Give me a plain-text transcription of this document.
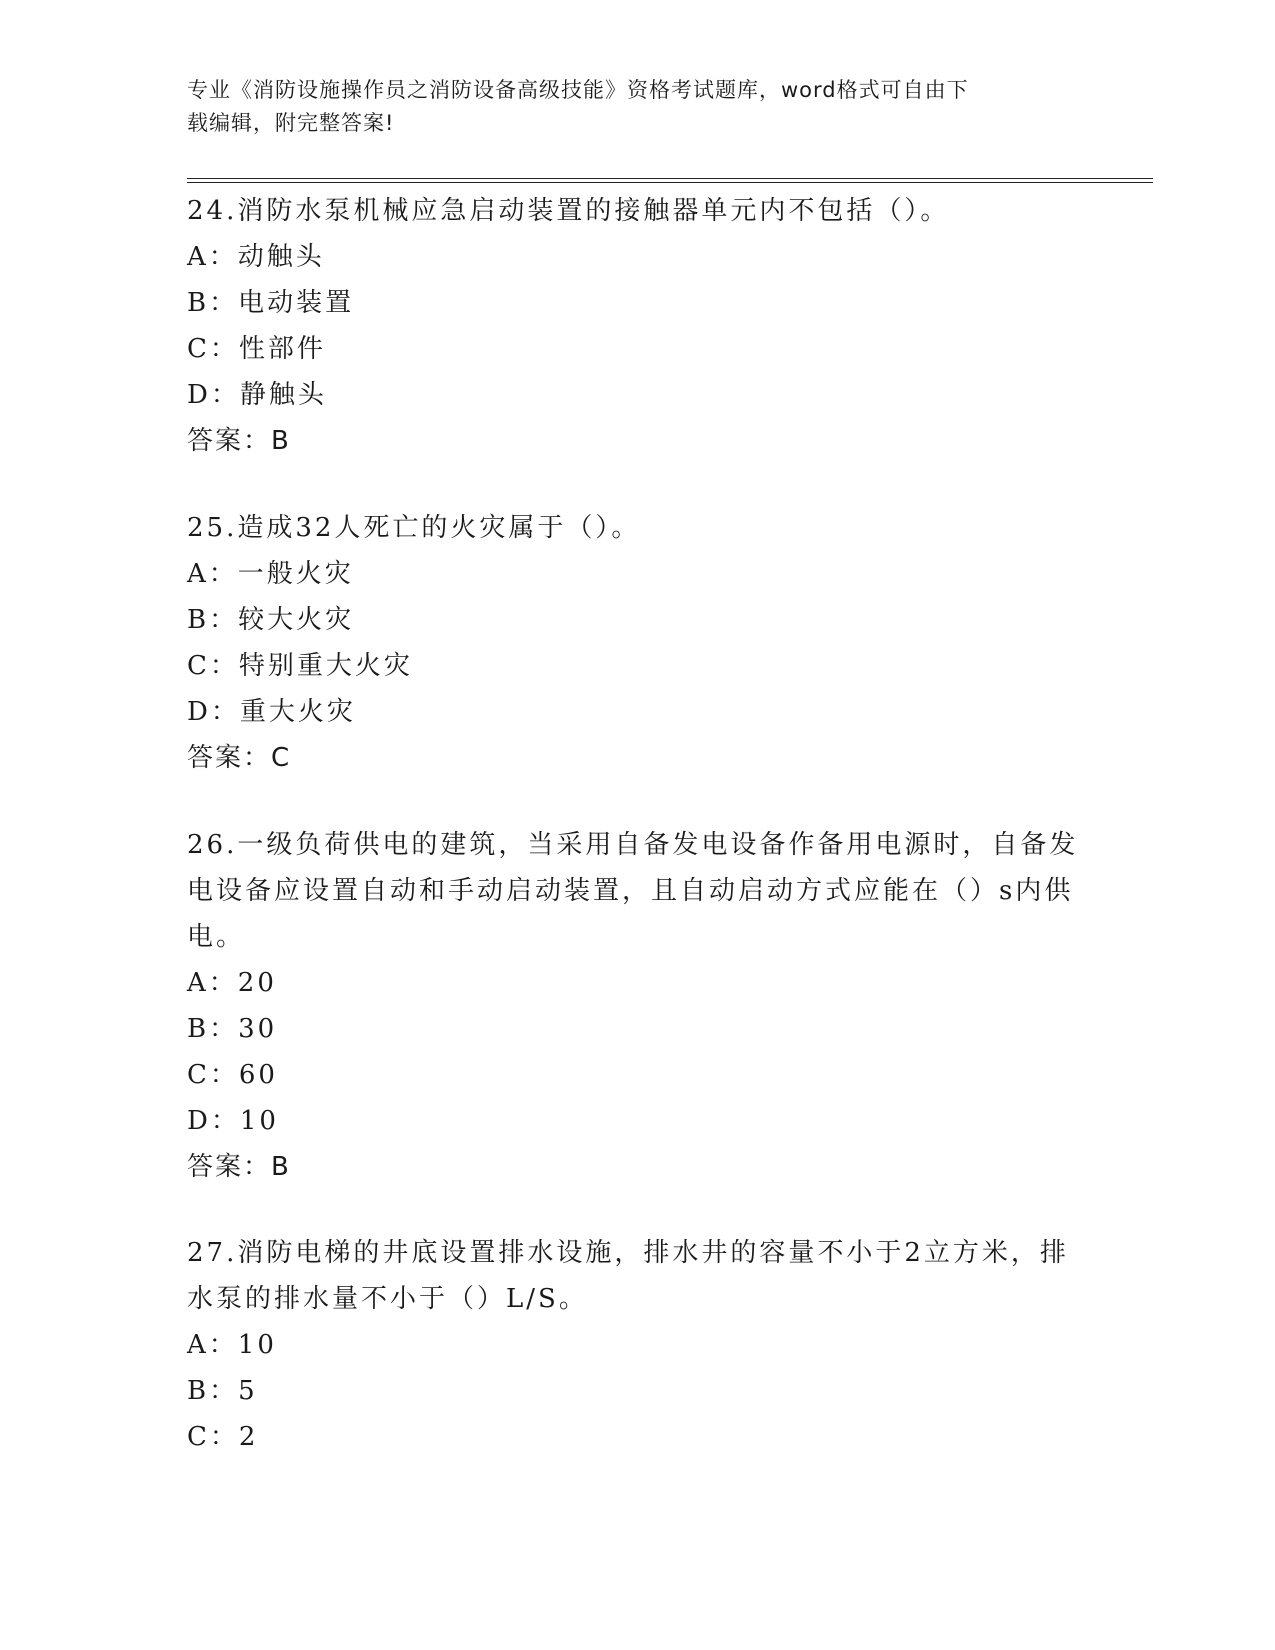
专业《消防设施操作员之消防设备高级技能》资格考试题库，word格式可自由下
载编辑，附完整答案!

24.消防水泵机械应急启动装置的接触器单元内不包括（）。

A：动触头

B：电动装置

C：性部件

D：静触头

答案：B

25.造成32人死亡的火灾属于（）。

A：一般火灾

B：较大火灾

C：特别重大火灾

D：重大火灾

答案：C

26.一级负荷供电的建筑，当采用自备发电设备作备用电源时，自备发

电设备应设置自动和手动启动装置，且自动启动方式应能在（）s内供

电。

A：20

B：30

C：60

D：10

答案：B

27.消防电梯的井底设置排水设施，排水井的容量不小于2立方米，排

水泵的排水量不小于（）L/S。

A：10

B：5

C：2
